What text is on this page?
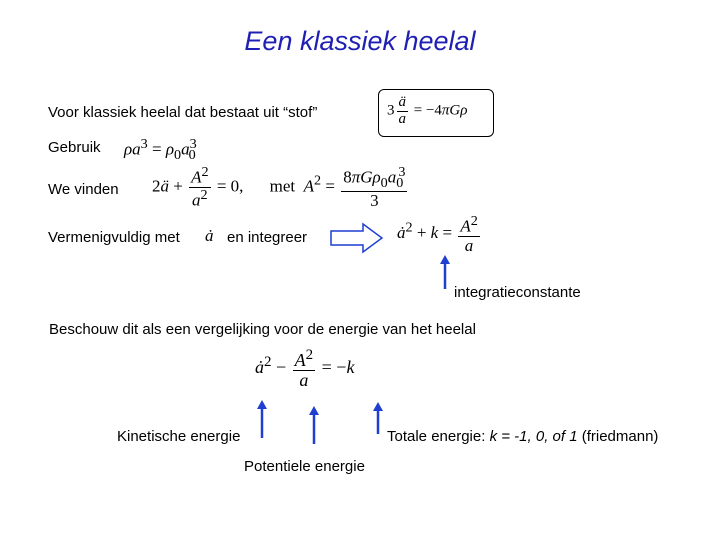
Een klassiek heelal
Voor klassiek heelal dat bestaat uit “stof”	$3 \frac{ä}{a} = -4\pi G\rho$
Gebruik $\rho a^3 = \rho_0a_0^3$
We vinden 2ä + $\frac{A^2}{a^2} = 0$, met  $A^2 = \frac{8\pi G\rho_0a_0^3}{3}$
Vermenigvuldig met ȧ en integreer	$ȧ^2 + k = \frac{A^2}{a}$
integratieconstante
Beschouw dit als een vergelijking voor de energie van het heelal
$ȧ^2 - \frac{A^2}{a} = -k$
Kinetische energie
Potentiele energie
Totale energie: k = -1, 0, of 1 (friedmann)
